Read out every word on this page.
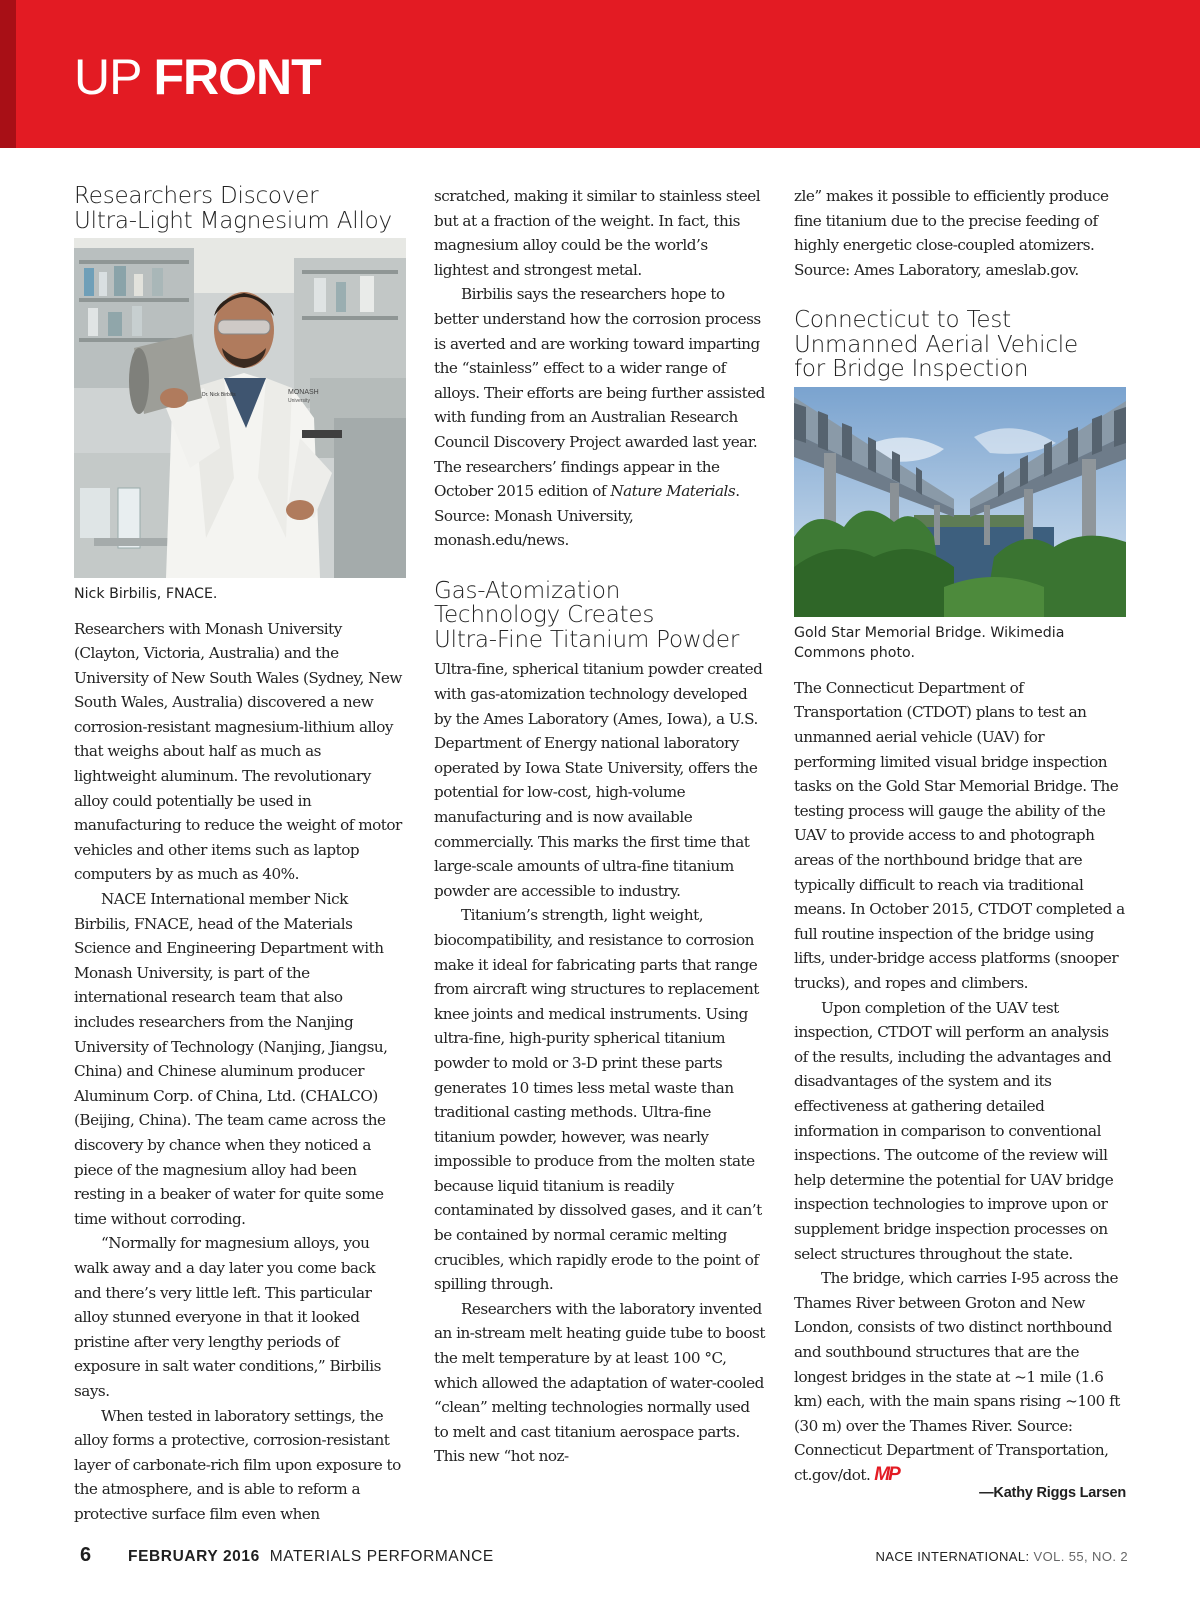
UP FRONT
Researchers Discover
Ultra-Light Magnesium Alloy
MONASH
University
Dr. Nick Birbilis
Nick Birbilis, FNACE.

Researchers with Monash University (Clayton, Victoria, Australia) and the University of New South Wales (Sydney, New South Wales, Australia) discovered a new corrosion-resistant magnesium-lithium alloy that weighs about half as much as lightweight aluminum. The revolutionary alloy could potentially be used in manufacturing to reduce the weight of motor vehicles and other items such as laptop computers by as much as 40%.

NACE International member Nick Birbilis, FNACE, head of the Materials Science and Engineering Department with Monash University, is part of the international research team that also includes researchers from the Nanjing University of Technology (Nanjing, Jiangsu, China) and Chinese aluminum producer Aluminum Corp. of China, Ltd. (CHALCO) (Beijing, China). The team came across the discovery by chance when they noticed a piece of the magnesium alloy had been resting in a beaker of water for quite some time without corroding.

“Normally for magnesium alloys, you walk away and a day later you come back and there’s very little left. This particular alloy stunned everyone in that it looked pristine after very lengthy periods of exposure in salt water conditions,” Birbilis says.

When tested in laboratory settings, the alloy forms a protective, corrosion-resistant layer of carbonate-rich film upon exposure to the atmosphere, and is able to reform a protective surface film even when

scratched, making it similar to stainless steel but at a fraction of the weight. In fact, this magnesium alloy could be the world’s lightest and strongest metal.

Birbilis says the researchers hope to better understand how the corrosion process is averted and are working toward imparting the “stainless” effect to a wider range of alloys. Their efforts are being further assisted with funding from an Australian Research Council Discovery Project awarded last year. The researchers’ findings appear in the October 2015 edition of Nature Materials. Source: Monash University, monash.edu/news.

Gas-Atomization
Technology Creates
Ultra-Fine Titanium Powder

Ultra-fine, spherical titanium powder created with gas-atomization technology developed by the Ames Laboratory (Ames, Iowa), a U.S. Department of Energy national laboratory operated by Iowa State University, offers the potential for low-cost, high-volume manufacturing and is now available commercially. This marks the first time that large-scale amounts of ultra-fine titanium powder are accessible to industry.

Titanium’s strength, light weight, biocompatibility, and resistance to corrosion make it ideal for fabricating parts that range from aircraft wing structures to replacement knee joints and medical instruments. Using ultra-fine, high-purity spherical titanium powder to mold or 3-D print these parts generates 10 times less metal waste than traditional casting methods. Ultra-fine titanium powder, however, was nearly impossible to produce from the molten state because liquid titanium is readily contaminated by dissolved gases, and it can’t be contained by normal ceramic melting crucibles, which rapidly erode to the point of spilling through.

Researchers with the laboratory invented an in-stream melt heating guide tube to boost the melt temperature by at least 100 °C, which allowed the adaptation of water-cooled “clean” melting technologies normally used to melt and cast titanium aerospace parts. This new “hot noz-

zle” makes it possible to efficiently produce fine titanium due to the precise feeding of highly energetic close-coupled atomizers. Source: Ames Laboratory, ameslab.gov.

Connecticut to Test
Unmanned Aerial Vehicle
for Bridge Inspection
Gold Star Memorial Bridge. Wikimedia Commons photo.

The Connecticut Department of Transportation (CTDOT) plans to test an unmanned aerial vehicle (UAV) for performing limited visual bridge inspection tasks on the Gold Star Memorial Bridge. The testing process will gauge the ability of the UAV to provide access to and photograph areas of the northbound bridge that are typically difficult to reach via traditional means. In October 2015, CTDOT completed a full routine inspection of the bridge using lifts, under-bridge access platforms (snooper trucks), and ropes and climbers.

Upon completion of the UAV test inspection, CTDOT will perform an analysis of the results, including the advantages and disadvantages of the system and its effectiveness at gathering detailed information in comparison to conventional inspections. The outcome of the review will help determine the potential for UAV bridge inspection technologies to improve upon or supplement bridge inspection processes on select structures throughout the state.

The bridge, which carries I-95 across the Thames River between Groton and New London, consists of two distinct northbound and southbound structures that are the longest bridges in the state at ~1 mile (1.6 km) each, with the main spans rising ~100 ft (30 m) over the Thames River. Source: Connecticut Department of Transportation, ct.gov/dot. MP

—Kathy Riggs Larsen
6 FEBRUARY 2016 MATERIALS PERFORMANCE	NACE INTERNATIONAL: VOL. 55, NO. 2
